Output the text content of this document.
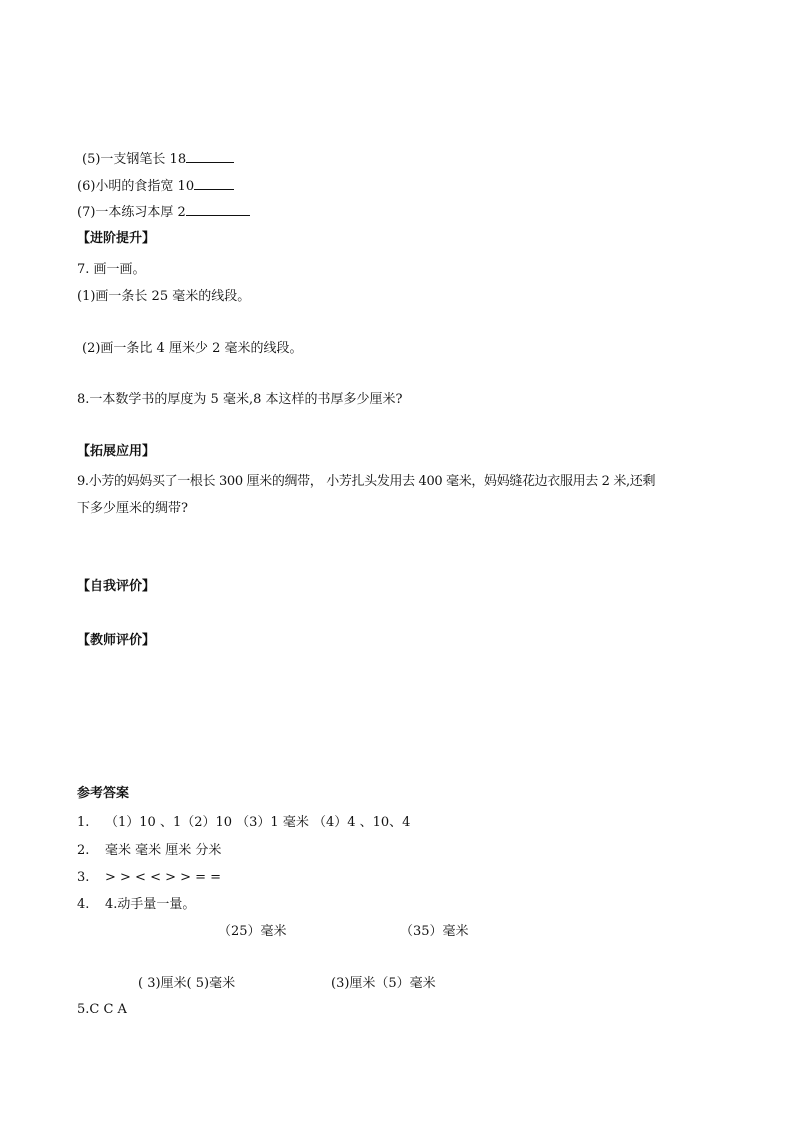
(5)一支钢笔长 18
(6)小明的食指宽 10
(7)一本练习本厚 2
【进阶提升】
7. 画一画。
(1)画一条长 25 毫米的线段。
(2)画一条比 4 厘米少 2 毫米的线段。
8.一本数学书的厚度为 5 毫米,8 本这样的书厚多少厘米?
【拓展应用】
9.小芳的妈妈买了一根长 300 厘米的绸带， 小芳扎头发用去 400 毫米，妈妈缝花边衣服用去 2 米,还剩
下多少厘米的绸带?
【自我评价】
【教师评价】
参考答案
1. （1）10 、1（2）10 （3）1 毫米 （4）4 、10、4
2. 毫米 毫米 厘米 分米
3. > > < < > > = =
4. 4.动手量一量。
（25）毫米	（35）毫米
( 3)厘米( 5)毫米	(3)厘米（5）毫米
5.C C A
